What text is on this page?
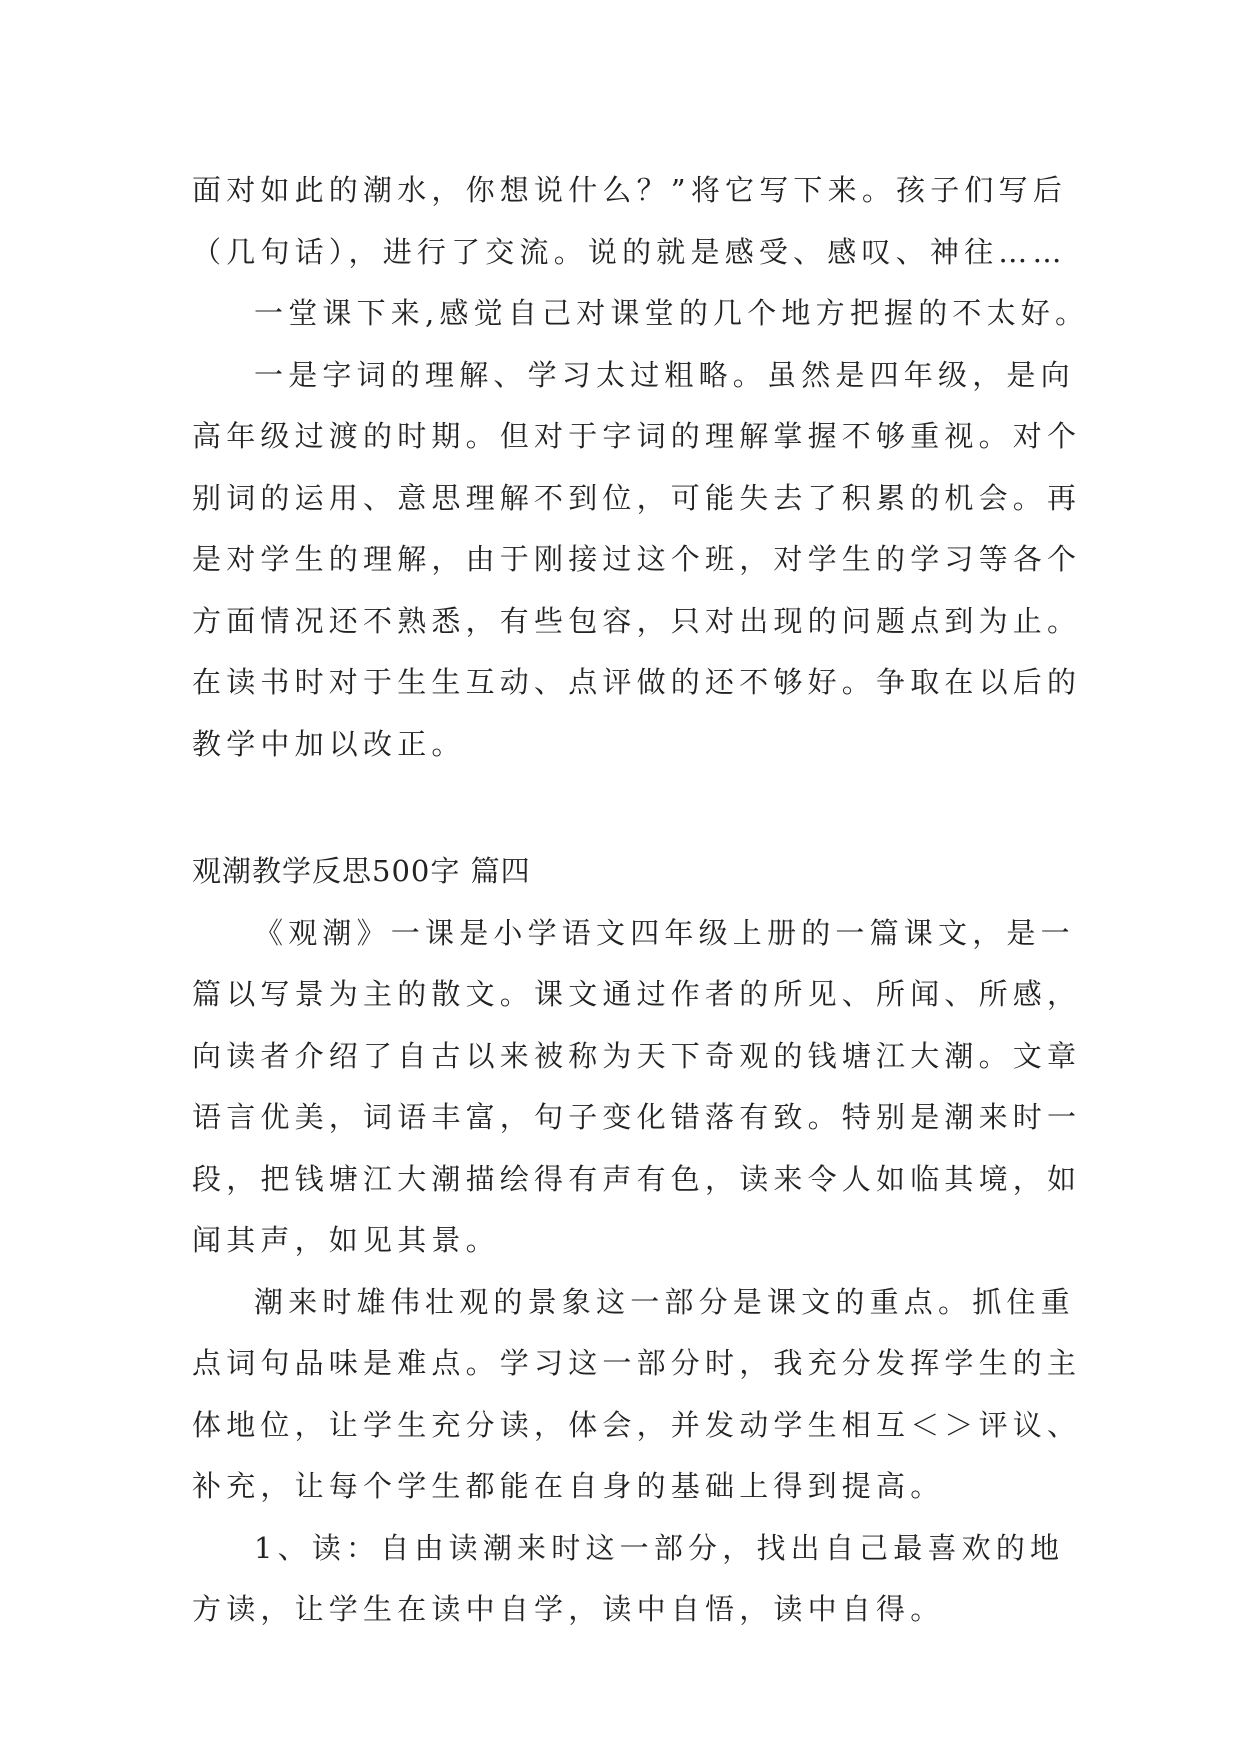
面对如此的潮水，你想说什么？”将它写下来。孩子们写后
（几句话），进行了交流。说的就是感受、感叹、神往……
一堂课下来,感觉自己对课堂的几个地方把握的不太好。
一是字词的理解、学习太过粗略。虽然是四年级，是向
高年级过渡的时期。但对于字词的理解掌握不够重视。对个
别词的运用、意思理解不到位，可能失去了积累的机会。再
是对学生的理解，由于刚接过这个班，对学生的学习等各个
方面情况还不熟悉，有些包容，只对出现的问题点到为止。
在读书时对于生生互动、点评做的还不够好。争取在以后的
教学中加以改正。
观潮教学反思500字 篇四
《观潮》一课是小学语文四年级上册的一篇课文，是一
篇以写景为主的散文。课文通过作者的所见、所闻、所感，
向读者介绍了自古以来被称为天下奇观的钱塘江大潮。文章
语言优美，词语丰富，句子变化错落有致。特别是潮来时一
段，把钱塘江大潮描绘得有声有色，读来令人如临其境，如
闻其声，如见其景。
潮来时雄伟壮观的景象这一部分是课文的重点。抓住重
点词句品味是难点。学习这一部分时，我充分发挥学生的主
体地位，让学生充分读，体会，并发动学生相互＜＞评议、
补充，让每个学生都能在自身的基础上得到提高。
1、读：自由读潮来时这一部分，找出自己最喜欢的地
方读，让学生在读中自学，读中自悟，读中自得。
